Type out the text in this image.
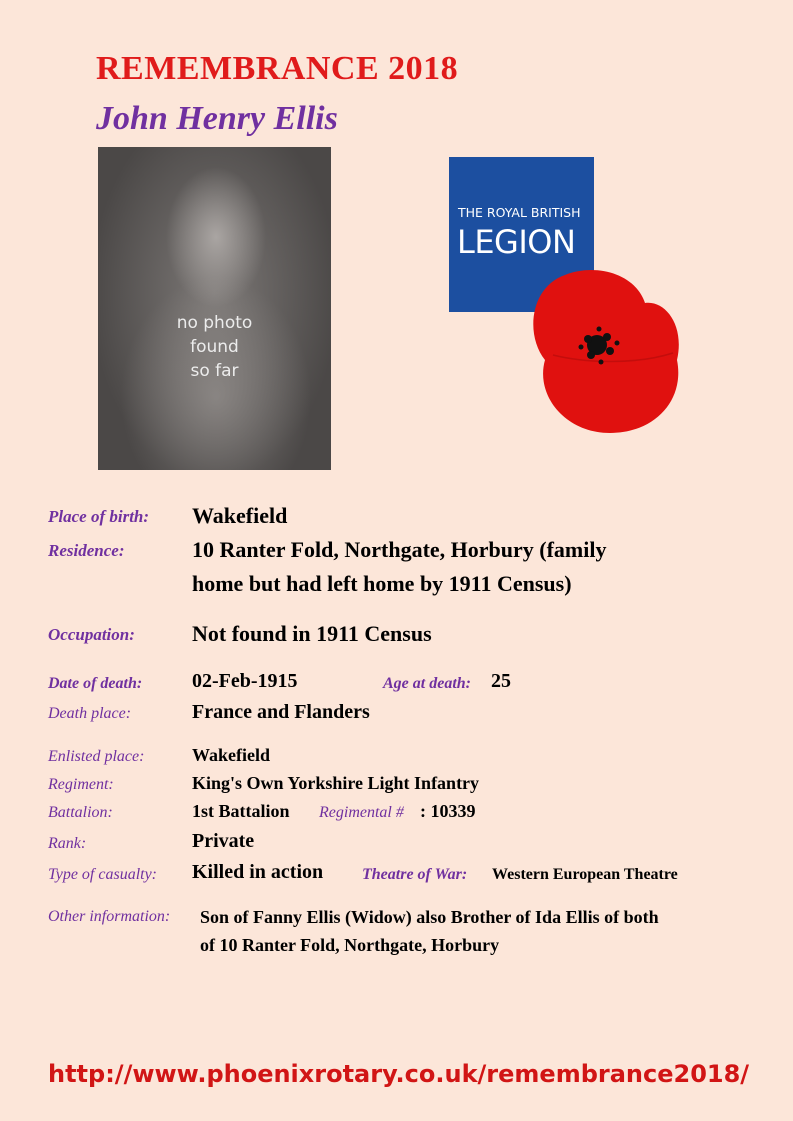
REMEMBRANCE 2018
John Henry Ellis
no photo
found
so far
THE ROYAL BRITISH
LEGION
Place of birth: Wakefield
Residence:	10 Ranter Fold, Northgate, Horbury (family
home but had left home by 1911 Census)
Occupation:	Not found in 1911 Census
Date of death: 02-Feb-1915	Age at death: 25
Death place:	France and Flanders
Enlisted place:	Wakefield
Regiment:	King's Own Yorkshire Light Infantry
Battalion:	1st Battalion Regimental # : 10339
Rank:	Private
Type of casualty: Killed in action Theatre of War: Western European Theatre
Other information: Son of Fanny Ellis (Widow) also Brother of Ida Ellis of both
of 10 Ranter Fold, Northgate, Horbury
http://www.phoenixrotary.co.uk/remembrance2018/
